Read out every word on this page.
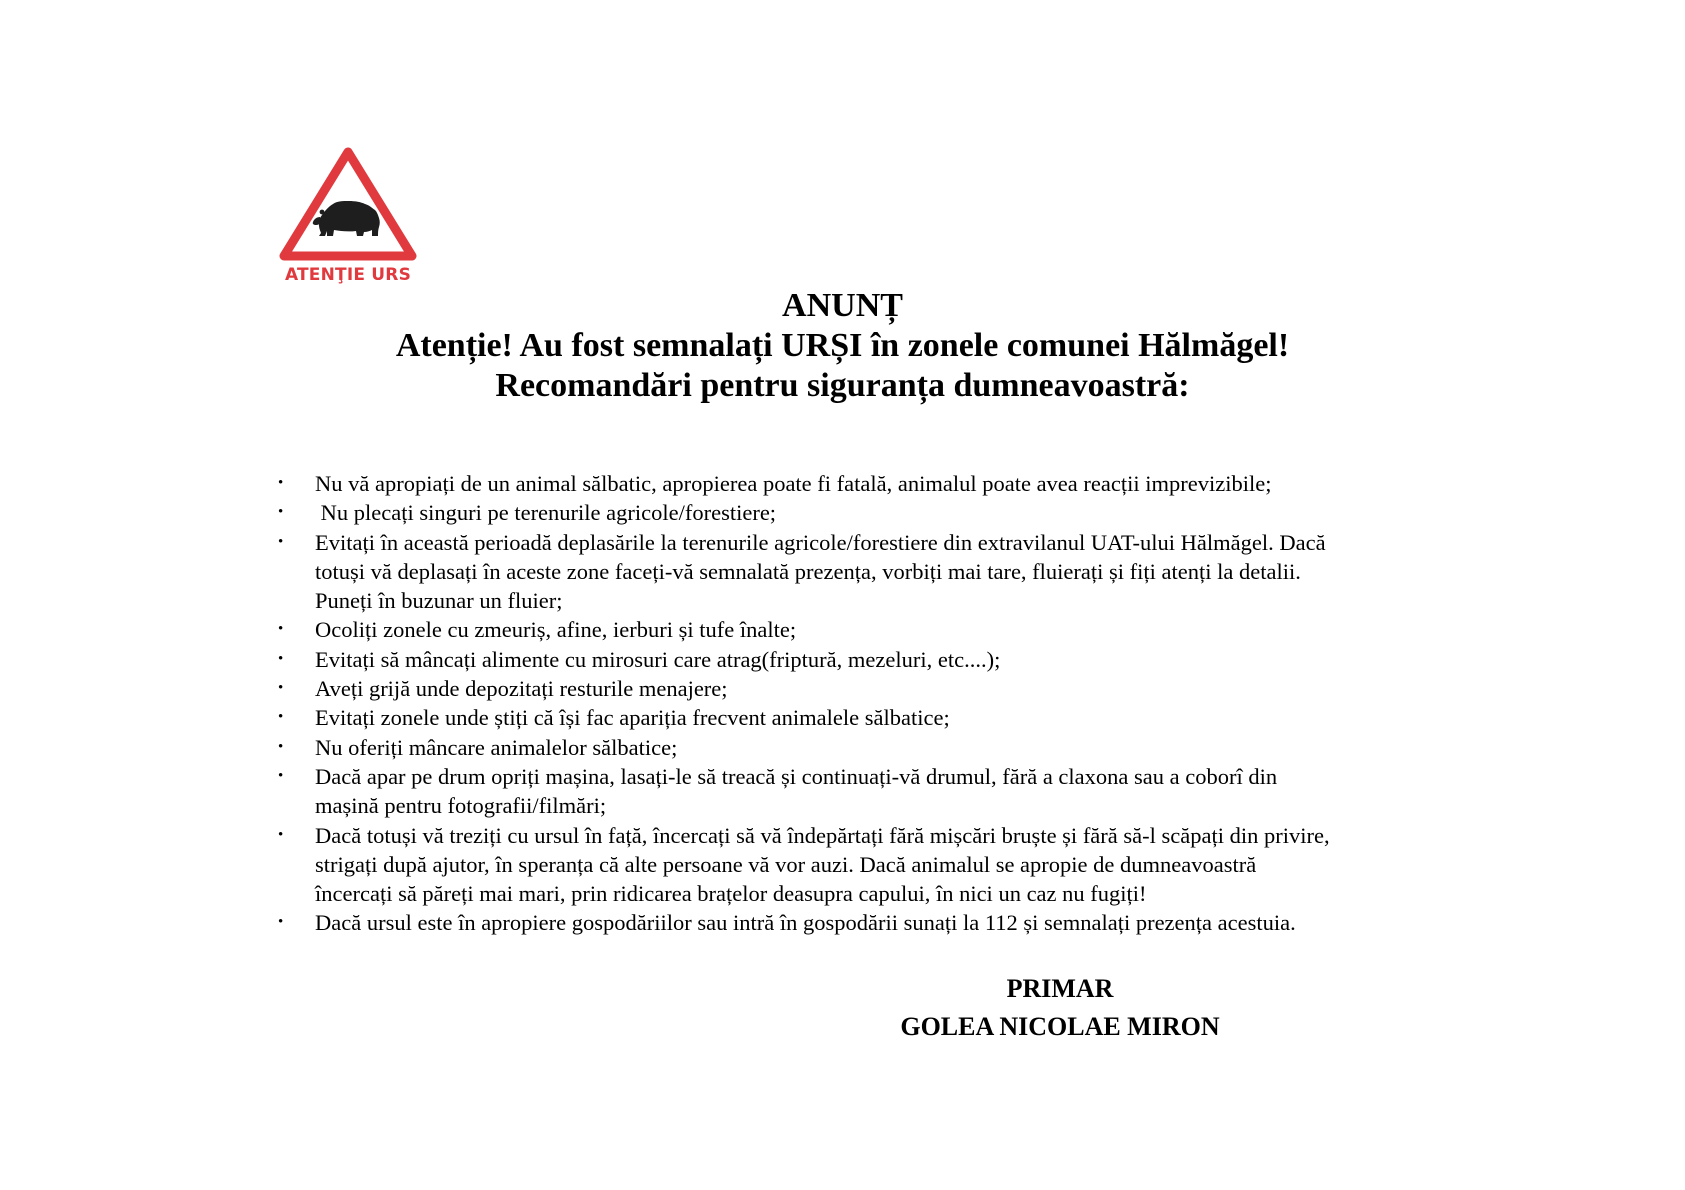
ATENŢIE URS
ANUNȚ
Atenție! Au fost semnalați URȘI în zonele comunei Hălmăgel!
Recomandări pentru siguranța dumneavoastră:
•	Nu vă apropiați de un animal sălbatic, apropierea poate fi fatală, animalul poate avea reacții imprevizibile;
•	Nu plecați singuri pe terenurile agricole/forestiere;
•	Evitați în această perioadă deplasările la terenurile agricole/forestiere din extravilanul UAT-ului Hălmăgel. Dacă
totuși vă deplasați în aceste zone faceți-vă semnalată prezența, vorbiți mai tare, fluierați și fiți atenți la detalii.
Puneți în buzunar un fluier;
•	Ocoliți zonele cu zmeuriș, afine, ierburi și tufe înalte;
•	Evitați să mâncați alimente cu mirosuri care atrag(friptură, mezeluri, etc....);
•	Aveți grijă unde depozitați resturile menajere;
•	Evitați zonele unde știți că își fac apariția frecvent animalele sălbatice;
•	Nu oferiți mâncare animalelor sălbatice;
•	Dacă apar pe drum opriți mașina, lasați-le să treacă și continuați-vă drumul, fără a claxona sau a coborî din
mașină pentru fotografii/filmări;
•	Dacă totuși vă treziți cu ursul în față, încercați să vă îndepărtați fără mișcări bruște și fără să-l scăpați din privire,
strigați după ajutor, în speranța că alte persoane vă vor auzi. Dacă animalul se apropie de dumneavoastră
încercați să păreți mai mari, prin ridicarea brațelor deasupra capului, în nici un caz nu fugiți!
•	Dacă ursul este în apropiere gospodăriilor sau intră în gospodării sunați la 112 și semnalați prezența acestuia.
PRIMAR
GOLEA NICOLAE MIRON
